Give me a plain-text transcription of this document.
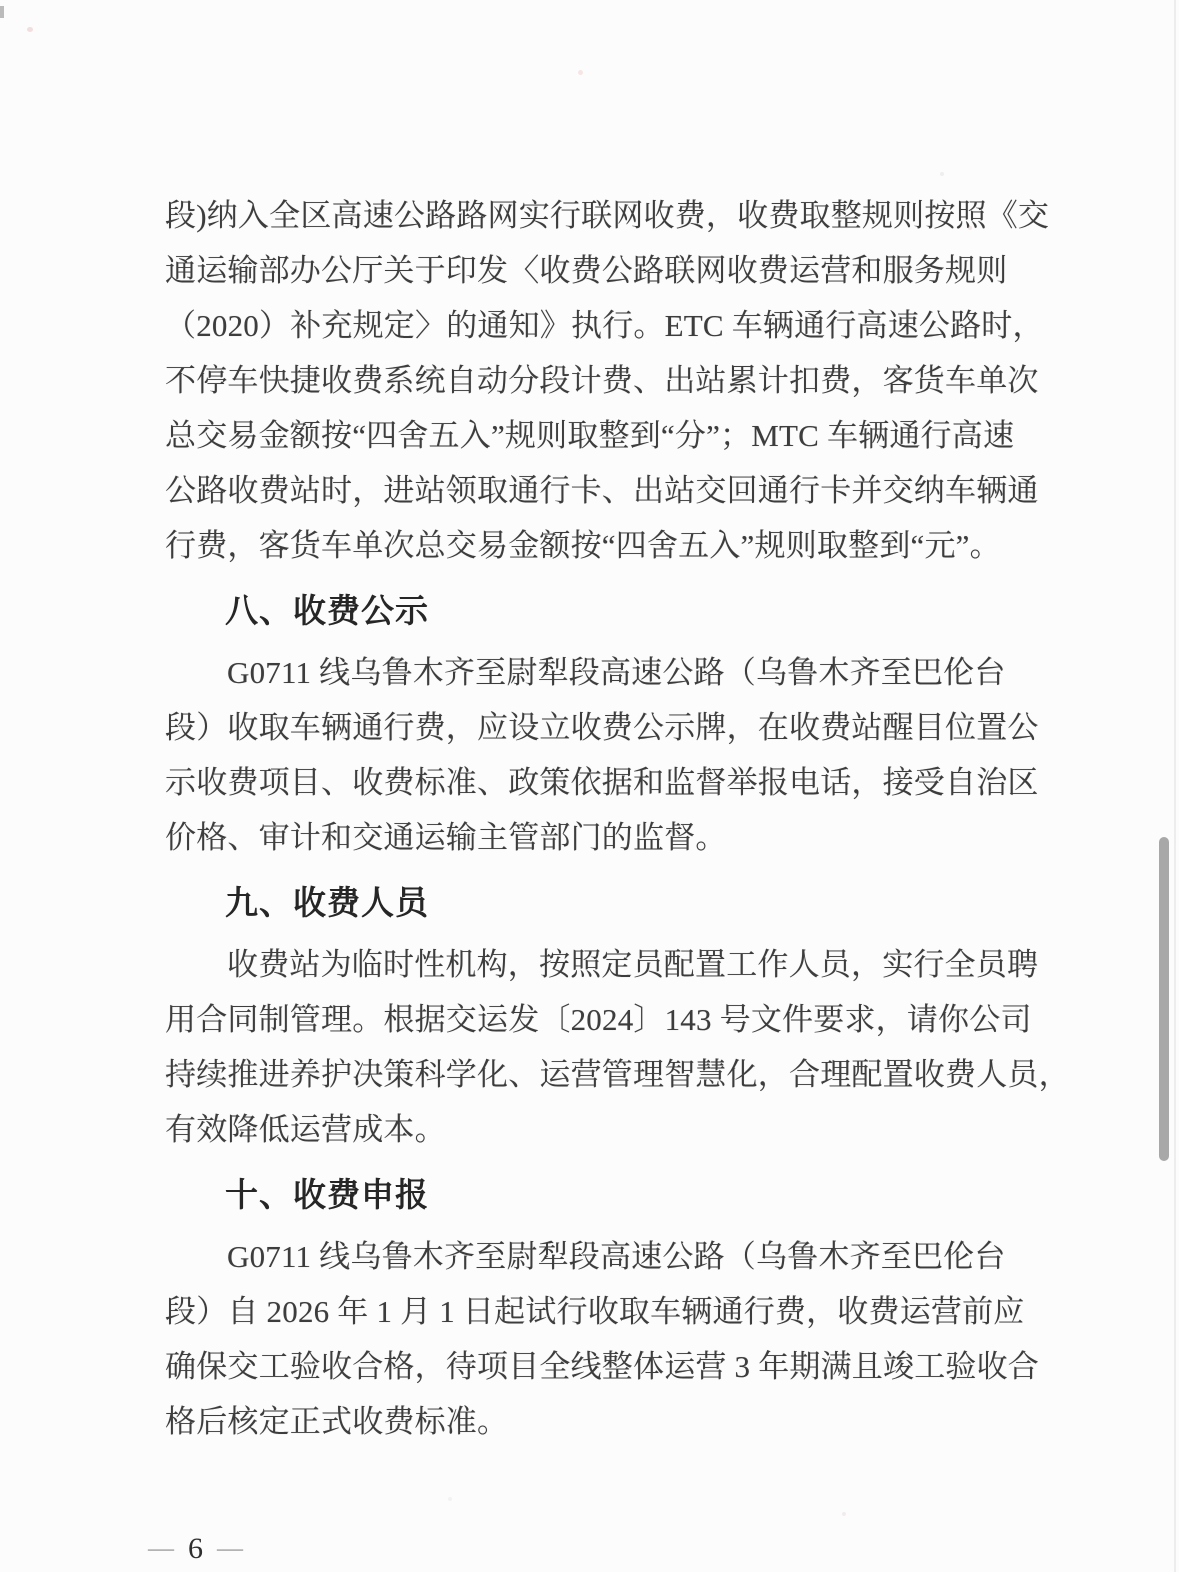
段)纳入全区高速公路路网实行联网收费，收费取整规则按照《交
通运输部办公厅关于印发〈收费公路联网收费运营和服务规则
（2020）补充规定〉的通知》执行。ETC 车辆通行高速公路时，
不停车快捷收费系统自动分段计费、出站累计扣费，客货车单次
总交易金额按“四舍五入”规则取整到“分”；MTC 车辆通行高速
公路收费站时，进站领取通行卡、出站交回通行卡并交纳车辆通
行费，客货车单次总交易金额按“四舍五入”规则取整到“元”。
八、收费公示
G0711 线乌鲁木齐至尉犁段高速公路（乌鲁木齐至巴伦台
段）收取车辆通行费，应设立收费公示牌，在收费站醒目位置公
示收费项目、收费标准、政策依据和监督举报电话，接受自治区
价格、审计和交通运输主管部门的监督。
九、收费人员
收费站为临时性机构，按照定员配置工作人员，实行全员聘
用合同制管理。根据交运发〔2024〕143 号文件要求，请你公司
持续推进养护决策科学化、运营管理智慧化，合理配置收费人员，
有效降低运营成本。
十、收费申报
G0711 线乌鲁木齐至尉犁段高速公路（乌鲁木齐至巴伦台
段）自 2026 年 1 月 1 日起试行收取车辆通行费，收费运营前应
确保交工验收合格，待项目全线整体运营 3 年期满且竣工验收合
格后核定正式收费标准。
— 6 —
